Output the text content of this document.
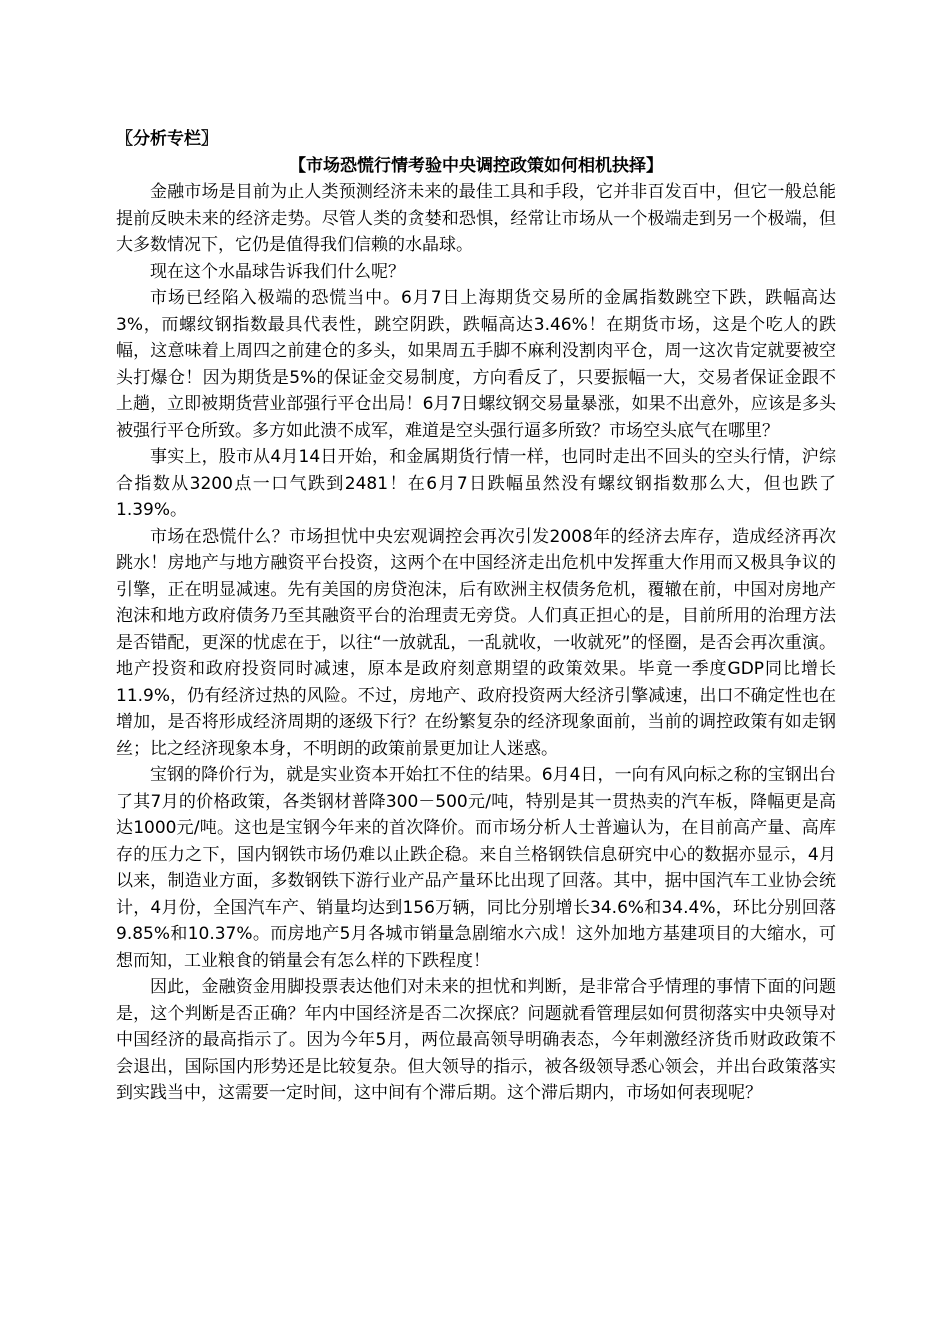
〖分析专栏〗

【市场恐慌行情考验中央调控政策如何相机抉择】

金融市场是目前为止人类预测经济未来的最佳工具和手段，它并非百发百中，但它一般总能提前反映未来的经济走势。尽管人类的贪婪和恐惧，经常让市场从一个极端走到另一个极端，但大多数情况下，它仍是值得我们信赖的水晶球。

现在这个水晶球告诉我们什么呢？

市场已经陷入极端的恐慌当中。6月7日上海期货交易所的金属指数跳空下跌，跌幅高达3%，而螺纹钢指数最具代表性，跳空阴跌，跌幅高达3.46%！在期货市场，这是个吃人的跌幅，这意味着上周四之前建仓的多头，如果周五手脚不麻利没割肉平仓，周一这次肯定就要被空头打爆仓！因为期货是5%的保证金交易制度，方向看反了，只要振幅一大，交易者保证金跟不上趟，立即被期货营业部强行平仓出局！6月7日螺纹钢交易量暴涨，如果不出意外，应该是多头被强行平仓所致。多方如此溃不成军，难道是空头强行逼多所致？市场空头底气在哪里？

事实上，股市从4月14日开始，和金属期货行情一样，也同时走出不回头的空头行情，沪综合指数从3200点一口气跌到2481！在6月7日跌幅虽然没有螺纹钢指数那么大，但也跌了1.39%。

市场在恐慌什么？市场担忧中央宏观调控会再次引发2008年的经济去库存，造成经济再次跳水！房地产与地方融资平台投资，这两个在中国经济走出危机中发挥重大作用而又极具争议的引擎，正在明显减速。先有美国的房贷泡沫，后有欧洲主权债务危机，覆辙在前，中国对房地产泡沫和地方政府债务乃至其融资平台的治理责无旁贷。人们真正担心的是，目前所用的治理方法是否错配，更深的忧虑在于，以往“一放就乱，一乱就收，一收就死”的怪圈，是否会再次重演。地产投资和政府投资同时减速，原本是政府刻意期望的政策效果。毕竟一季度GDP同比增长11.9%，仍有经济过热的风险。不过，房地产、政府投资两大经济引擎减速，出口不确定性也在增加，是否将形成经济周期的逐级下行？在纷繁复杂的经济现象面前，当前的调控政策有如走钢丝；比之经济现象本身，不明朗的政策前景更加让人迷惑。

宝钢的降价行为，就是实业资本开始扛不住的结果。6月4日，一向有风向标之称的宝钢出台了其7月的价格政策，各类钢材普降300－500元/吨，特别是其一贯热卖的汽车板，降幅更是高达1000元/吨。这也是宝钢今年来的首次降价。而市场分析人士普遍认为，在目前高产量、高库存的压力之下，国内钢铁市场仍难以止跌企稳。来自兰格钢铁信息研究中心的数据亦显示，4月以来，制造业方面，多数钢铁下游行业产品产量环比出现了回落。其中，据中国汽车工业协会统计，4月份，全国汽车产、销量均达到156万辆，同比分别增长34.6%和34.4%，环比分别回落9.85%和10.37%。而房地产5月各城市销量急剧缩水六成！这外加地方基建项目的大缩水，可想而知，工业粮食的销量会有怎么样的下跌程度！

因此，金融资金用脚投票表达他们对未来的担忧和判断，是非常合乎情理的事情下面的问题是，这个判断是否正确？年内中国经济是否二次探底？问题就看管理层如何贯彻落实中央领导对中国经济的最高指示了。因为今年5月，两位最高领导明确表态，今年刺激经济货币财政政策不会退出，国际国内形势还是比较复杂。但大领导的指示，被各级领导悉心领会，并出台政策落实到实践当中，这需要一定时间，这中间有个滞后期。这个滞后期内，市场如何表现呢？
